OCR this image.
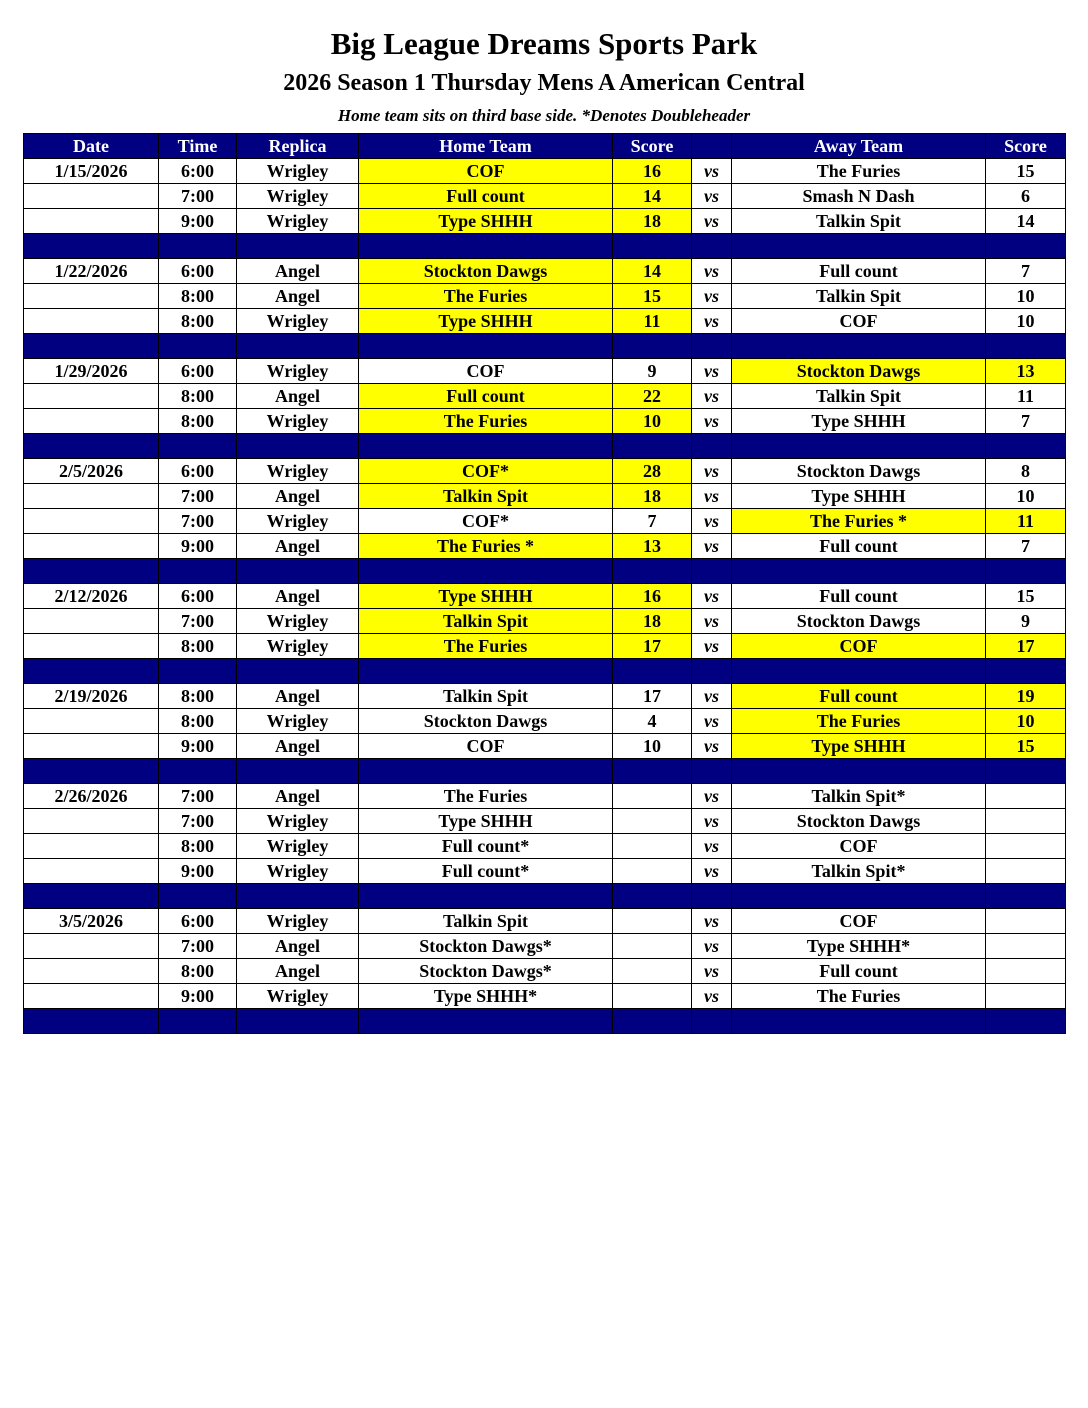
Big League Dreams Sports Park
2026 Season 1 Thursday Mens A American Central
Home team sits on third base side. *Denotes Doubleheader
Date	Time	Replica	Home Team	Score		Away Team	Score
1/15/2026	6:00	Wrigley	COF	16	vs	The Furies	15
	7:00	Wrigley	Full count	14	vs	Smash N Dash	6
	9:00	Wrigley	Type SHHH	18	vs	Talkin Spit	14

1/22/2026	6:00	Angel	Stockton Dawgs	14	vs	Full count	7
	8:00	Angel	The Furies	15	vs	Talkin Spit	10
	8:00	Wrigley	Type SHHH	11	vs	COF	10

1/29/2026	6:00	Wrigley	COF	9	vs	Stockton Dawgs	13
	8:00	Angel	Full count	22	vs	Talkin Spit	11
	8:00	Wrigley	The Furies	10	vs	Type SHHH	7

2/5/2026	6:00	Wrigley	COF*	28	vs	Stockton Dawgs	8
	7:00	Angel	Talkin Spit	18	vs	Type SHHH	10
	7:00	Wrigley	COF*	7	vs	The Furies *	11
	9:00	Angel	The Furies *	13	vs	Full count	7

2/12/2026	6:00	Angel	Type SHHH	16	vs	Full count	15
	7:00	Wrigley	Talkin Spit	18	vs	Stockton Dawgs	9
	8:00	Wrigley	The Furies	17	vs	COF	17

2/19/2026	8:00	Angel	Talkin Spit	17	vs	Full count	19
	8:00	Wrigley	Stockton Dawgs	4	vs	The Furies	10
	9:00	Angel	COF	10	vs	Type SHHH	15

2/26/2026	7:00	Angel	The Furies		vs	Talkin Spit*	
	7:00	Wrigley	Type SHHH		vs	Stockton Dawgs	
	8:00	Wrigley	Full count*		vs	COF	
	9:00	Wrigley	Full count*		vs	Talkin Spit*	

3/5/2026	6:00	Wrigley	Talkin Spit		vs	COF	
	7:00	Angel	Stockton Dawgs*		vs	Type SHHH*	
	8:00	Angel	Stockton Dawgs*		vs	Full count	
	9:00	Wrigley	Type SHHH*		vs	The Furies	
